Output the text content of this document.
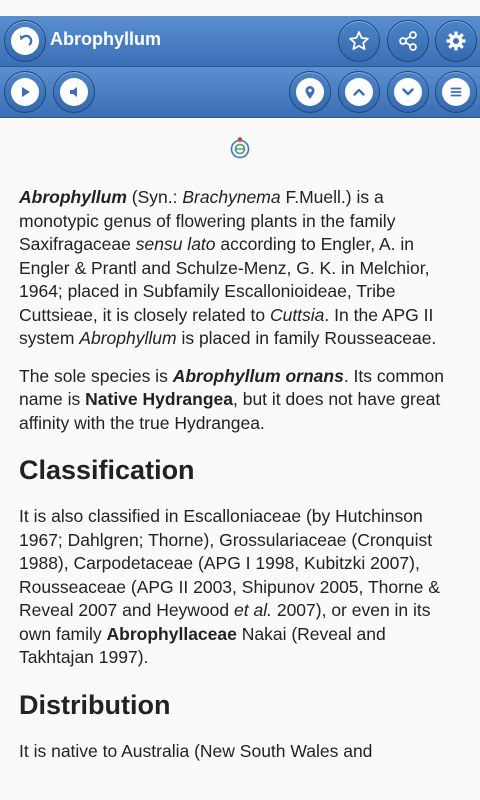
Abrophyllum

Abrophyllum (Syn.: Brachynema F.Muell.) is a monotypic genus of flowering plants in the family Saxifragaceae sensu lato according to Engler, A. in Engler & Prantl and Schulze-Menz, G. K. in Melchior, 1964; placed in Subfamily Escallonioideae, Tribe Cuttsieae, it is closely related to Cuttsia. In the APG II system Abrophyllum is placed in family Rousseaceae.

The sole species is Abrophyllum ornans. Its common name is Native Hydrangea, but it does not have great affinity with the true Hydrangea.

Classification

It is also classified in Escalloniaceae (by Hutchinson 1967; Dahlgren; Thorne), Grossulariaceae (Cronquist 1988), Carpodetaceae (APG I 1998, Kubitzki 2007), Rousseaceae (APG II 2003, Shipunov 2005, Thorne & Reveal 2007 and Heywood et al. 2007), or even in its own family Abrophyllaceae Nakai (Reveal and Takhtajan 1997).

Distribution

It is native to Australia (New South Wales and
